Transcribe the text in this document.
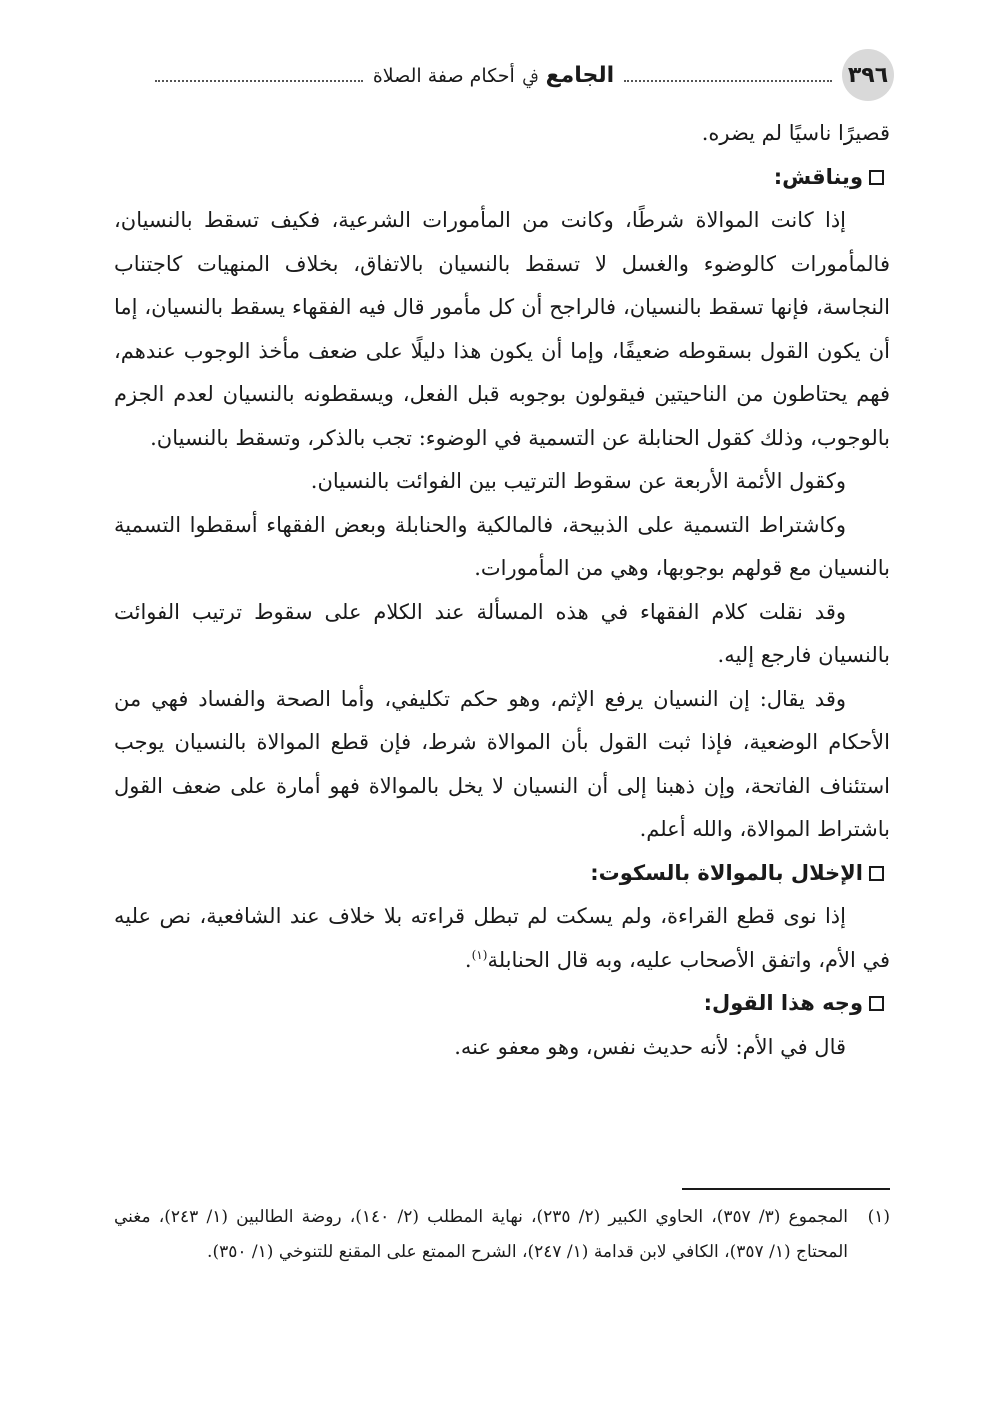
٣٩٦
الجامع ﰲ أحكام صفة الصلاة

قصيرًا ناسيًا لم يضره.

ويناقش:

إذا كانت الموالاة شرطًا، وكانت من المأمورات الشرعية، فكيف تسقط بالنسيان، فالمأمورات كالوضوء والغسل لا تسقط بالنسيان بالاتفاق، بخلاف المنهيات كاجتناب النجاسة، فإنها تسقط بالنسيان، فالراجح أن كل مأمور قال فيه الفقهاء يسقط بالنسيان، إما أن يكون القول بسقوطه ضعيفًا، وإما أن يكون هذا دليلًا على ضعف مأخذ الوجوب عندهم، فهم يحتاطون من الناحيتين فيقولون بوجوبه قبل الفعل، ويسقطونه بالنسيان لعدم الجزم بالوجوب، وذلك كقول الحنابلة عن التسمية في الوضوء: تجب بالذكر، وتسقط بالنسيان.

وكقول الأئمة الأربعة عن سقوط الترتيب بين الفوائت بالنسيان.

وكاشتراط التسمية على الذبيحة، فالمالكية والحنابلة وبعض الفقهاء أسقطوا التسمية بالنسيان مع قولهم بوجوبها، وهي من المأمورات.

وقد نقلت كلام الفقهاء في هذه المسألة عند الكلام على سقوط ترتيب الفوائت بالنسيان فارجع إليه.

وقد يقال: إن النسيان يرفع الإثم، وهو حكم تكليفي، وأما الصحة والفساد فهي من الأحكام الوضعية، فإذا ثبت القول بأن الموالاة شرط، فإن قطع الموالاة بالنسيان يوجب استئناف الفاتحة، وإن ذهبنا إلى أن النسيان لا يخل بالموالاة فهو أمارة على ضعف القول باشتراط الموالاة، والله أعلم.

الإخلال بالموالاة بالسكوت:

إذا نوى قطع القراءة، ولم يسكت لم تبطل قراءته بلا خلاف عند الشافعية، نص عليه في الأم، واتفق الأصحاب عليه، وبه قال الحنابلة$^{(١)}$.

وجه هذا القول:

قال في الأم: لأنه حديث نفس، وهو معفو عنه.

(١)
المجموع (٣/ ٣٥٧)، الحاوي الكبير (٢/ ٢٣٥)، نهاية المطلب (٢/ ١٤٠)، روضة الطالبين (١/ ٢٤٣)، مغني المحتاج (١/ ٣٥٧)، الكافي لابن قدامة (١/ ٢٤٧)، الشرح الممتع على المقنع للتنوخي (١/ ٣٥٠).
